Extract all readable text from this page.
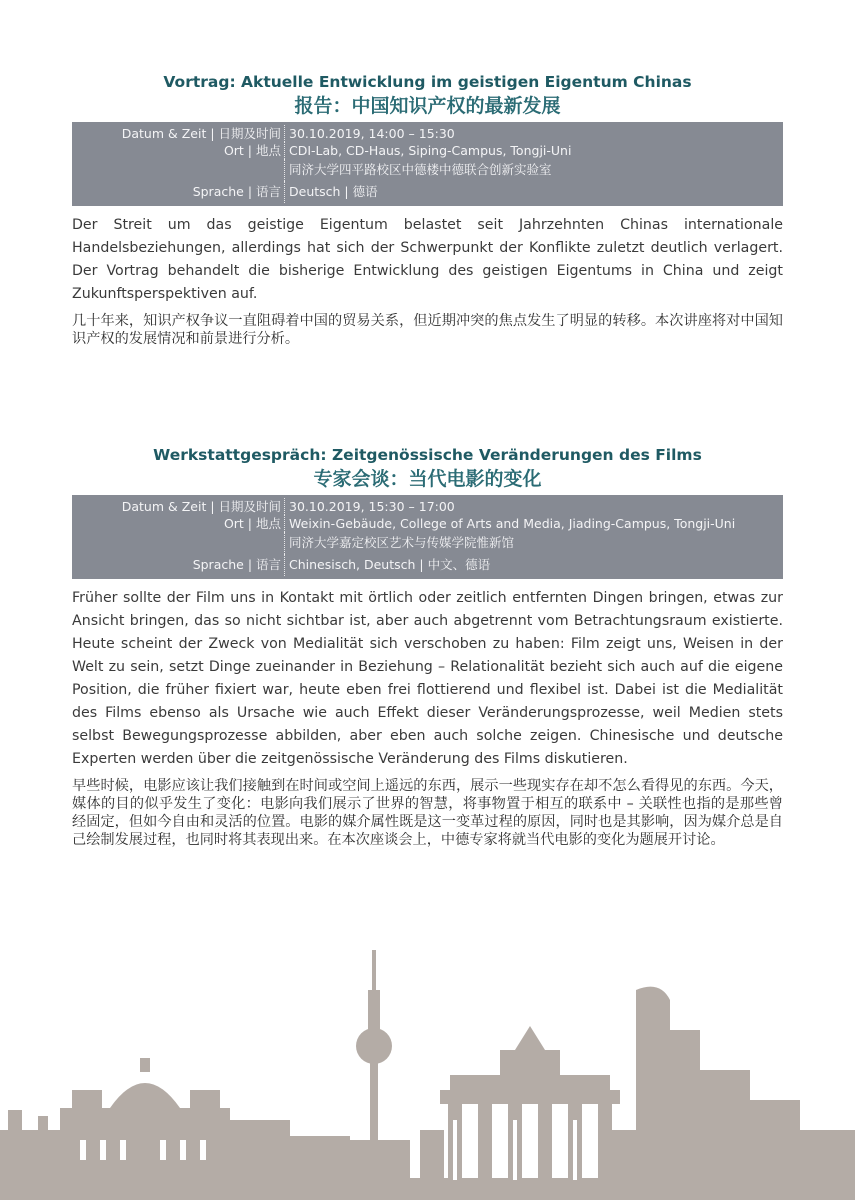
Vortrag: Aktuelle Entwicklung im geistigen Eigentum Chinas
报告：中国知识产权的最新发展
Datum & Zeit | 日期及时间 30.10.2019, 14:00 – 15:30
Ort | 地点 CDI-Lab, CD-Haus, Siping-Campus, Tongji-Uni
同济大学四平路校区中德楼中德联合创新实验室
Sprache | 语言 Deutsch | 德语

Der Streit um das geistige Eigentum belastet seit Jahrzehnten Chinas internationale Handelsbeziehungen, allerdings hat sich der Schwerpunkt der Konflikte zuletzt deutlich verlagert. Der Vortrag behandelt die bisherige Entwicklung des geistigen Eigentums in China und zeigt Zukunftsperspektiven auf.

几十年来，知识产权争议一直阻碍着中国的贸易关系，但近期冲突的焦点发生了明显的转移。本次讲座将对中国知识产权的发展情况和前景进行分析。

Werkstattgespräch: Zeitgenössische Veränderungen des Films
专家会谈：当代电影的变化
Datum & Zeit | 日期及时间 30.10.2019, 15:30 – 17:00
Ort | 地点 Weixin-Gebäude, College of Arts and Media, Jiading-Campus, Tongji-Uni
同济大学嘉定校区艺术与传媒学院惟新馆
Sprache | 语言 Chinesisch, Deutsch | 中文、德语

Früher sollte der Film uns in Kontakt mit örtlich oder zeitlich entfernten Dingen bringen, etwas zur Ansicht bringen, das so nicht sichtbar ist, aber auch abgetrennt vom Betrachtungsraum existierte. Heute scheint der Zweck von Medialität sich verschoben zu haben: Film zeigt uns, Weisen in der Welt zu sein, setzt Dinge zueinander in Beziehung – Relationalität bezieht sich auch auf die eigene Position, die früher fixiert war, heute eben frei flottierend und flexibel ist. Dabei ist die Medialität des Films ebenso als Ursache wie auch Effekt dieser Veränderungsprozesse, weil Medien stets selbst Bewegungsprozesse abbilden, aber eben auch solche zeigen. Chinesische und deutsche Experten werden über die zeitgenössische Veränderung des Films diskutieren.

早些时候，电影应该让我们接触到在时间或空间上遥远的东西，展示一些现实存在却不怎么看得见的东西。今天，媒体的目的似乎发生了变化：电影向我们展示了世界的智慧，将事物置于相互的联系中 – 关联性也指的是那些曾经固定，但如今自由和灵活的位置。电影的媒介属性既是这一变革过程的原因，同时也是其影响，因为媒介总是自己绘制发展过程，也同时将其表现出来。在本次座谈会上，中德专家将就当代电影的变化为题展开讨论。
